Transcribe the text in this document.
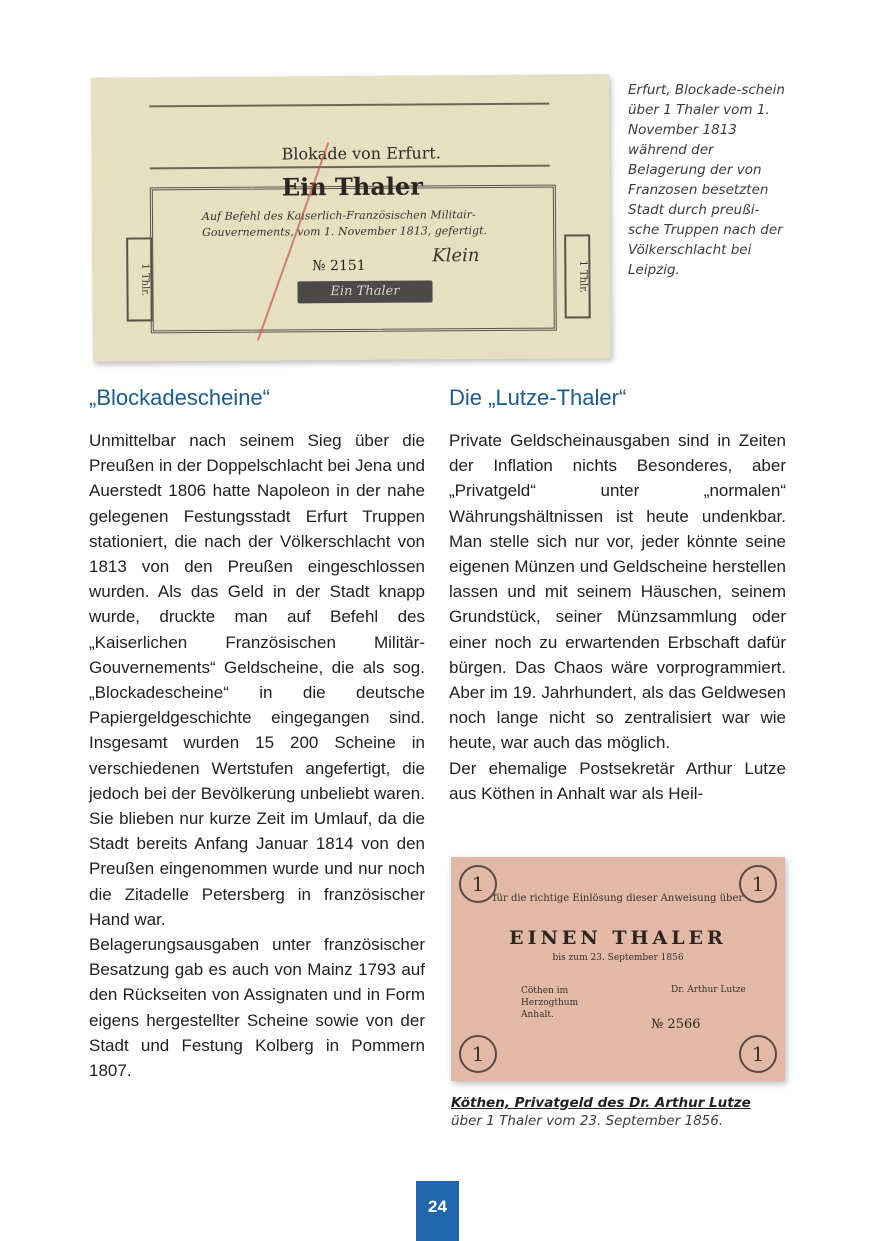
1 Thlr.	1 Thlr.
Blokade von Erfurt.
Ein Thaler
Auf Befehl des Kaiserlich-Französischen Militair-Gouvernements, vom 1. November 1813, gefertigt.
№ 2151	Klein
Ein Thaler
Erfurt, Blockade-schein über 1 Thaler vom 1. November 1813 während der Belagerung der von Franzosen besetzten Stadt durch preußi-sche Truppen nach der Völkerschlacht bei Leipzig.
„Blockadescheine“	Die „Lutze-Thaler“

Unmittelbar nach seinem Sieg über die Preußen in der Doppelschlacht bei Jena und Auerstedt 1806 hatte Napoleon in der nahe gelegenen Festungsstadt Erfurt Truppen stationiert, die nach der Völkerschlacht von 1813 von den Preußen eingeschlossen wurden. Als das Geld in der Stadt knapp wurde, druckte man auf Befehl des „Kaiserlichen Französischen Militär-Gouvernements“ Geldscheine, die als sog. „Blockadescheine“ in die deutsche Papiergeldgeschichte eingegangen sind. Insgesamt wurden 15 200 Scheine in verschiedenen Wertstufen angefertigt, die jedoch bei der Bevölkerung unbeliebt waren. Sie blieben nur kurze Zeit im Umlauf, da die Stadt bereits Anfang Januar 1814 von den Preußen eingenommen wurde und nur noch die Zitadelle Petersberg in französischer Hand war.

Belagerungsausgaben unter französischer Besatzung gab es auch von Mainz 1793 auf den Rückseiten von Assignaten und in Form eigens hergestellter Scheine sowie von der Stadt und Festung Kolberg in Pommern 1807.

Private Geldscheinausgaben sind in Zeiten der Inflation nichts Besonderes, aber „Privatgeld“ unter „normalen“ Währungshältnissen ist heute undenkbar. Man stelle sich nur vor, jeder könnte seine eigenen Münzen und Geldscheine herstellen lassen und mit seinem Häuschen, seinem Grundstück, seiner Münzsammlung oder einer noch zu erwartenden Erbschaft dafür bürgen. Das Chaos wäre vorprogrammiert. Aber im 19. Jahrhundert, als das Geldwesen noch lange nicht so zentralisiert war wie heute, war auch das möglich.

Der ehemalige Postsekretär Arthur Lutze aus Köthen in Anhalt war als Heil-

1	1
1	1
für die richtige Einlösung dieser Anweisung über
EINEN THALER
bis zum 23. September 1856
Cöthen im Herzogthum Anhalt.
Dr. Arthur Lutze
№ 2566
Köthen, Privatgeld des Dr. Arthur Lutze
über 1 Thaler vom 23. September 1856.
24
